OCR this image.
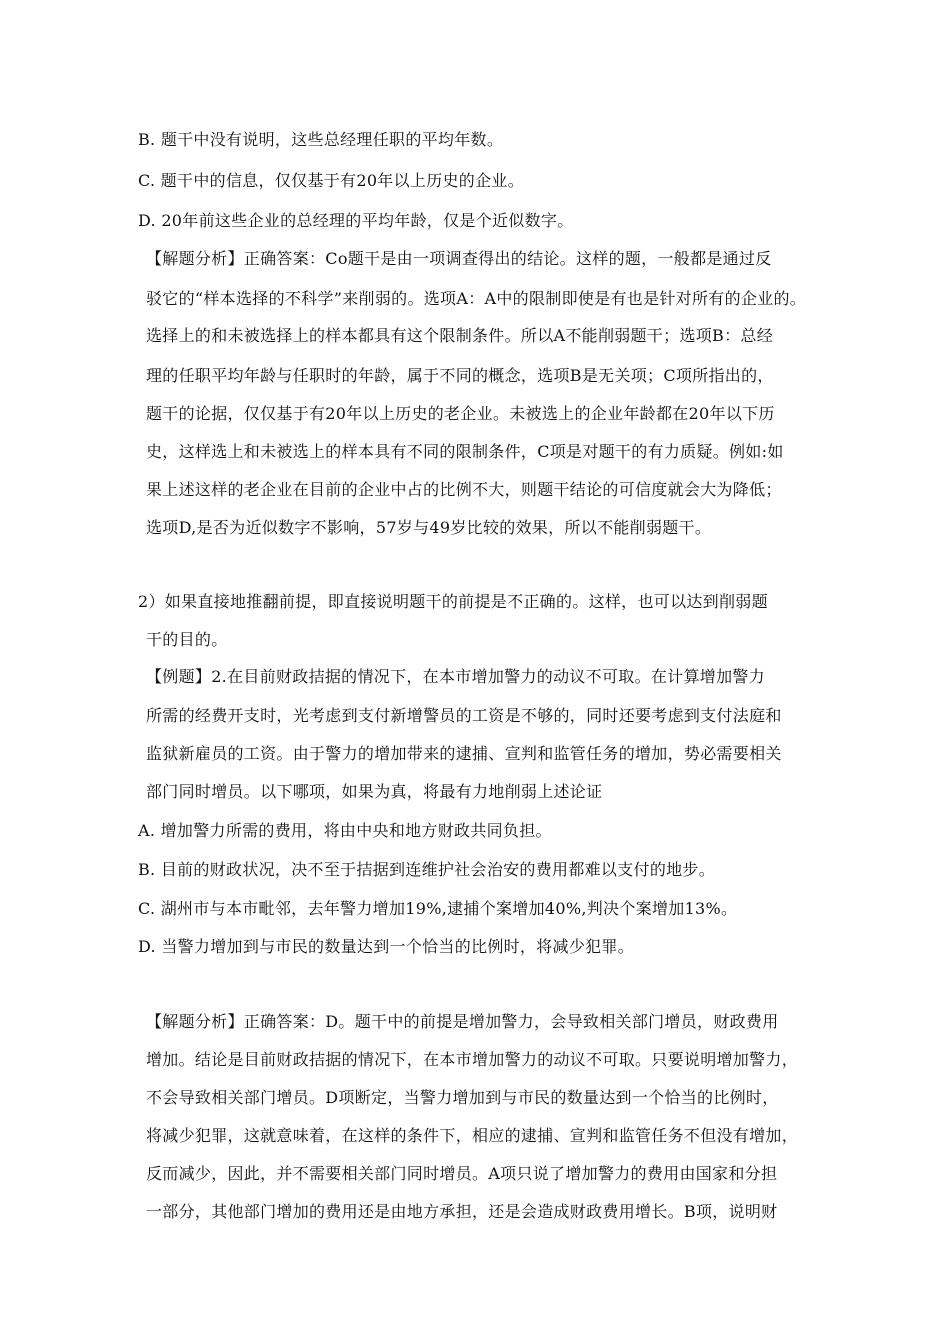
B. 题干中没有说明，这些总经理任职的平均年数。
C. 题干中的信息，仅仅基于有20年以上历史的企业。
D. 20年前这些企业的总经理的平均年龄，仅是个近似数字。
【解题分析】正确答案：Co题干是由一项调查得出的结论。这样的题，一般都是通过反
驳它的“样本选择的不科学”来削弱的。选项A：A中的限制即使是有也是针对所有的企业的。
选择上的和未被选择上的样本都具有这个限制条件。所以A不能削弱题干；选项B：总经
理的任职平均年龄与任职时的年龄，属于不同的概念，选项B是无关项；C项所指出的，
题干的论据，仅仅基于有20年以上历史的老企业。未被选上的企业年龄都在20年以下历
史，这样选上和未被选上的样本具有不同的限制条件，C项是对题干的有力质疑。例如:如
果上述这样的老企业在目前的企业中占的比例不大，则题干结论的可信度就会大为降低；
选项D,是否为近似数字不影响，57岁与49岁比较的效果，所以不能削弱题干。
2）如果直接地推翻前提，即直接说明题干的前提是不正确的。这样，也可以达到削弱题
干的目的。
【例题】2.在目前财政拮据的情况下，在本市增加警力的动议不可取。在计算增加警力
所需的经费开支时，光考虑到支付新增警员的工资是不够的，同时还要考虑到支付法庭和
监狱新雇员的工资。由于警力的增加带来的逮捕、宣判和监管任务的增加，势必需要相关
部门同时增员。以下哪项，如果为真，将最有力地削弱上述论证
A. 增加警力所需的费用，将由中央和地方财政共同负担。
B. 目前的财政状况，决不至于拮据到连维护社会治安的费用都难以支付的地步。
C. 湖州市与本市毗邻，去年警力增加19%,逮捕个案增加40%,判决个案增加13%。
D. 当警力增加到与市民的数量达到一个恰当的比例时，将减少犯罪。
【解题分析】正确答案：D。题干中的前提是增加警力，会导致相关部门增员，财政费用
增加。结论是目前财政拮据的情况下，在本市增加警力的动议不可取。只要说明增加警力，
不会导致相关部门增员。D项断定，当警力增加到与市民的数量达到一个恰当的比例时，
将减少犯罪，这就意味着，在这样的条件下，相应的逮捕、宣判和监管任务不但没有增加，
反而减少，因此，并不需要相关部门同时增员。A项只说了增加警力的费用由国家和分担
一部分，其他部门增加的费用还是由地方承担，还是会造成财政费用增长。B项，说明财
